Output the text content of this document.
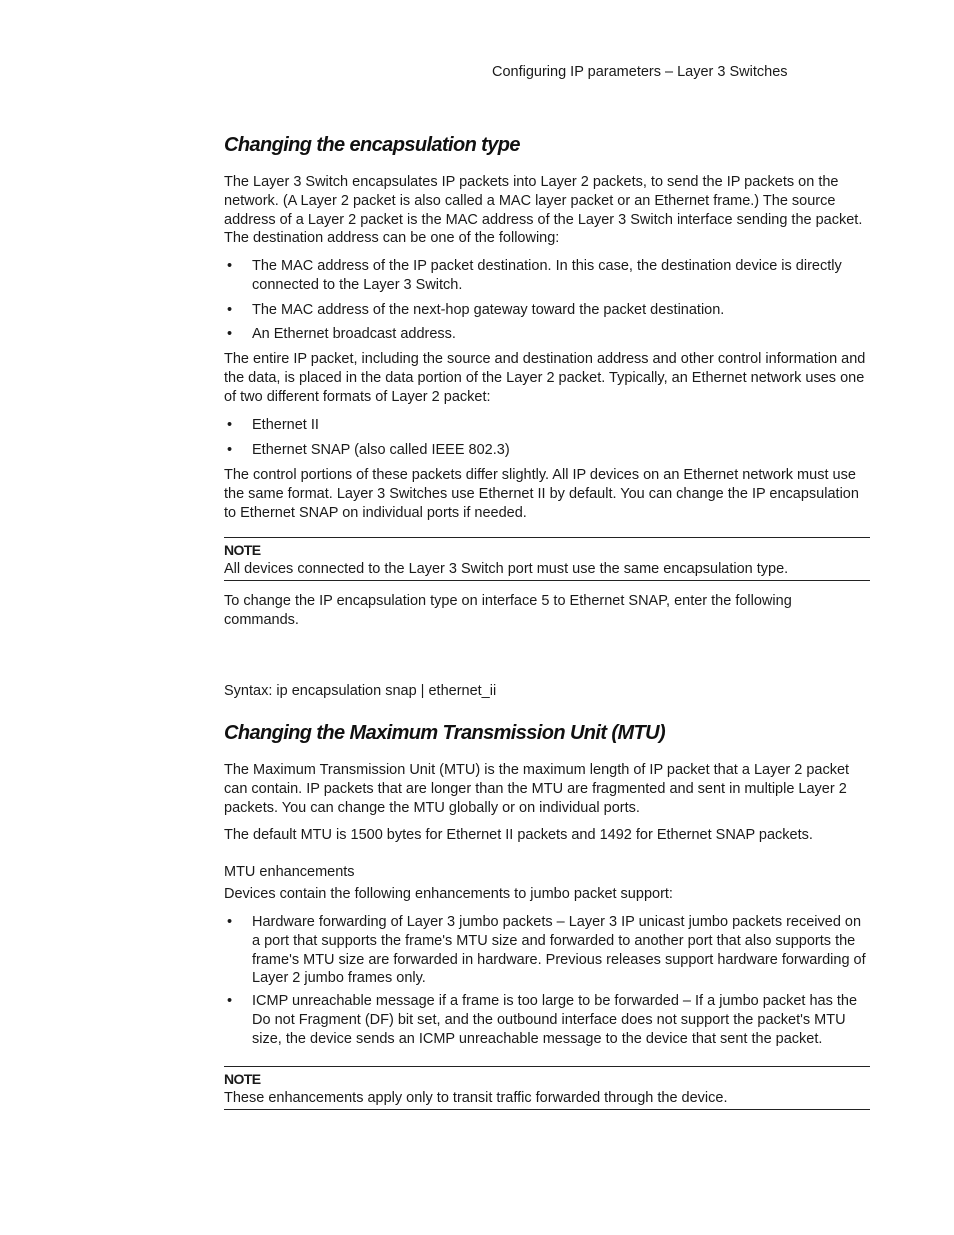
Configuring IP parameters – Layer 3 Switches
Changing the encapsulation type
The Layer 3 Switch encapsulates IP packets into Layer 2 packets, to send the IP packets on the network. (A Layer 2 packet is also called a MAC layer packet or an Ethernet frame.) The source address of a Layer 2 packet is the MAC address of the Layer 3 Switch interface sending the packet. The destination address can be one of the following:
• The MAC address of the IP packet destination. In this case, the destination device is directly connected to the Layer 3 Switch.
• The MAC address of the next-hop gateway toward the packet destination.
• An Ethernet broadcast address.
The entire IP packet, including the source and destination address and other control information and the data, is placed in the data portion of the Layer 2 packet. Typically, an Ethernet network uses one of two different formats of Layer 2 packet:
• Ethernet II
• Ethernet SNAP (also called IEEE 802.3)
The control portions of these packets differ slightly. All IP devices on an Ethernet network must use the same format. Layer 3 Switches use Ethernet II by default. You can change the IP encapsulation to Ethernet SNAP on individual ports if needed.
NOTE
All devices connected to the Layer 3 Switch port must use the same encapsulation type.
To change the IP encapsulation type on interface 5 to Ethernet SNAP, enter the following commands.
Syntax: ip encapsulation snap | ethernet_ii
Changing the Maximum Transmission Unit (MTU)
The Maximum Transmission Unit (MTU) is the maximum length of IP packet that a Layer 2 packet can contain. IP packets that are longer than the MTU are fragmented and sent in multiple Layer 2 packets. You can change the MTU globally or on individual ports.
The default MTU is 1500 bytes for Ethernet II packets and 1492 for Ethernet SNAP packets.
MTU enhancements
Devices contain the following enhancements to jumbo packet support:
• Hardware forwarding of Layer 3 jumbo packets – Layer 3 IP unicast jumbo packets received on a port that supports the frame's MTU size and forwarded to another port that also supports the frame's MTU size are forwarded in hardware. Previous releases support hardware forwarding of Layer 2 jumbo frames only.
• ICMP unreachable message if a frame is too large to be forwarded – If a jumbo packet has the Do not Fragment (DF) bit set, and the outbound interface does not support the packet's MTU size, the device sends an ICMP unreachable message to the device that sent the packet.
NOTE
These enhancements apply only to transit traffic forwarded through the device.
